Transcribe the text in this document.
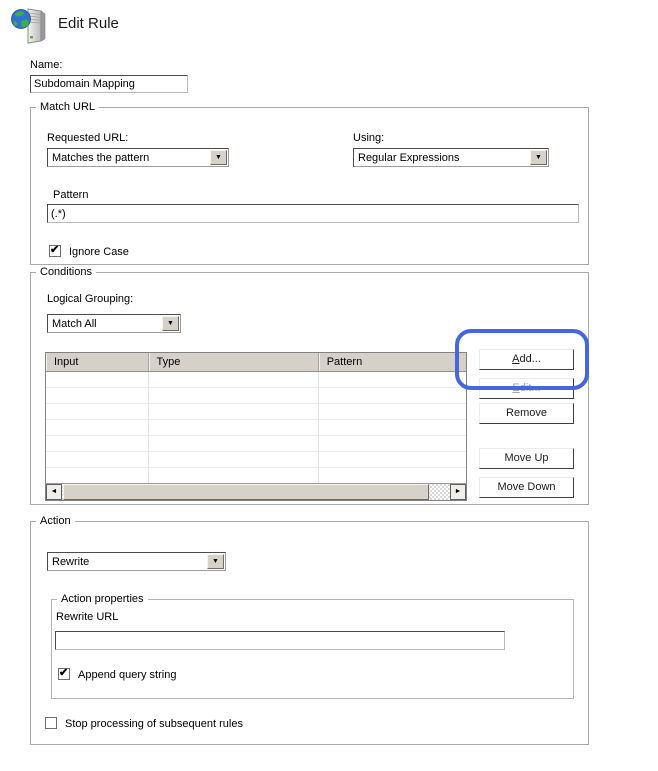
Edit Rule
Name:
Subdomain Mapping
Match URL
Requested URL:
Matches the pattern	▼
Using:
Regular Expressions	▼
Pattern
(.*)
✔ Ignore Case
Conditions
Logical Grouping:
Match All	▼
Input	Type	Pattern
◄	►
Add...
Edit...
Remove
Move Up
Move Down
Action
Rewrite	▼
Action properties
Rewrite URL
✔ Append query string
Stop processing of subsequent rules
